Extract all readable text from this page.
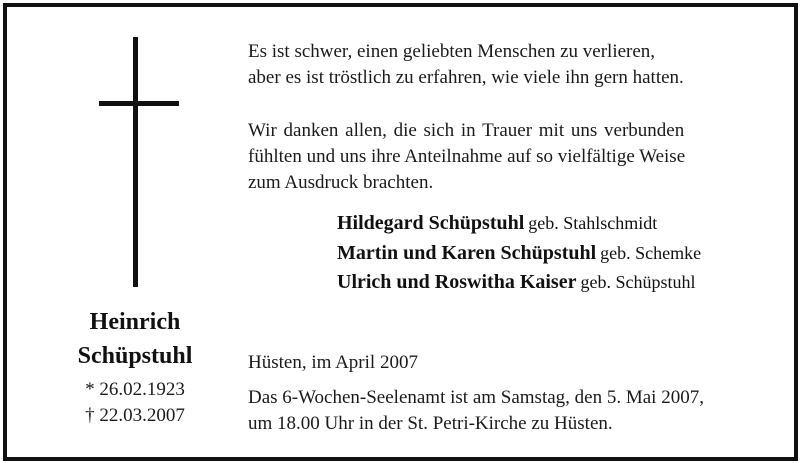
Heinrich
Schüpstuhl
* 26.02.1923
† 22.03.2007
Es ist schwer, einen geliebten Menschen zu verlieren,
aber es ist tröstlich zu erfahren, wie viele ihn gern hatten.
Wir danken allen, die sich in Trauer mit uns verbunden
fühlten und uns ihre Anteilnahme auf so vielfältige Weise
zum Ausdruck brachten.
Hildegard Schüpstuhl geb. Stahlschmidt
Martin und Karen Schüpstuhl geb. Schemke
Ulrich und Roswitha Kaiser geb. Schüpstuhl
Hüsten, im April 2007
Das 6-Wochen-Seelenamt ist am Samstag, den 5. Mai 2007,
um 18.00 Uhr in der St. Petri-Kirche zu Hüsten.
